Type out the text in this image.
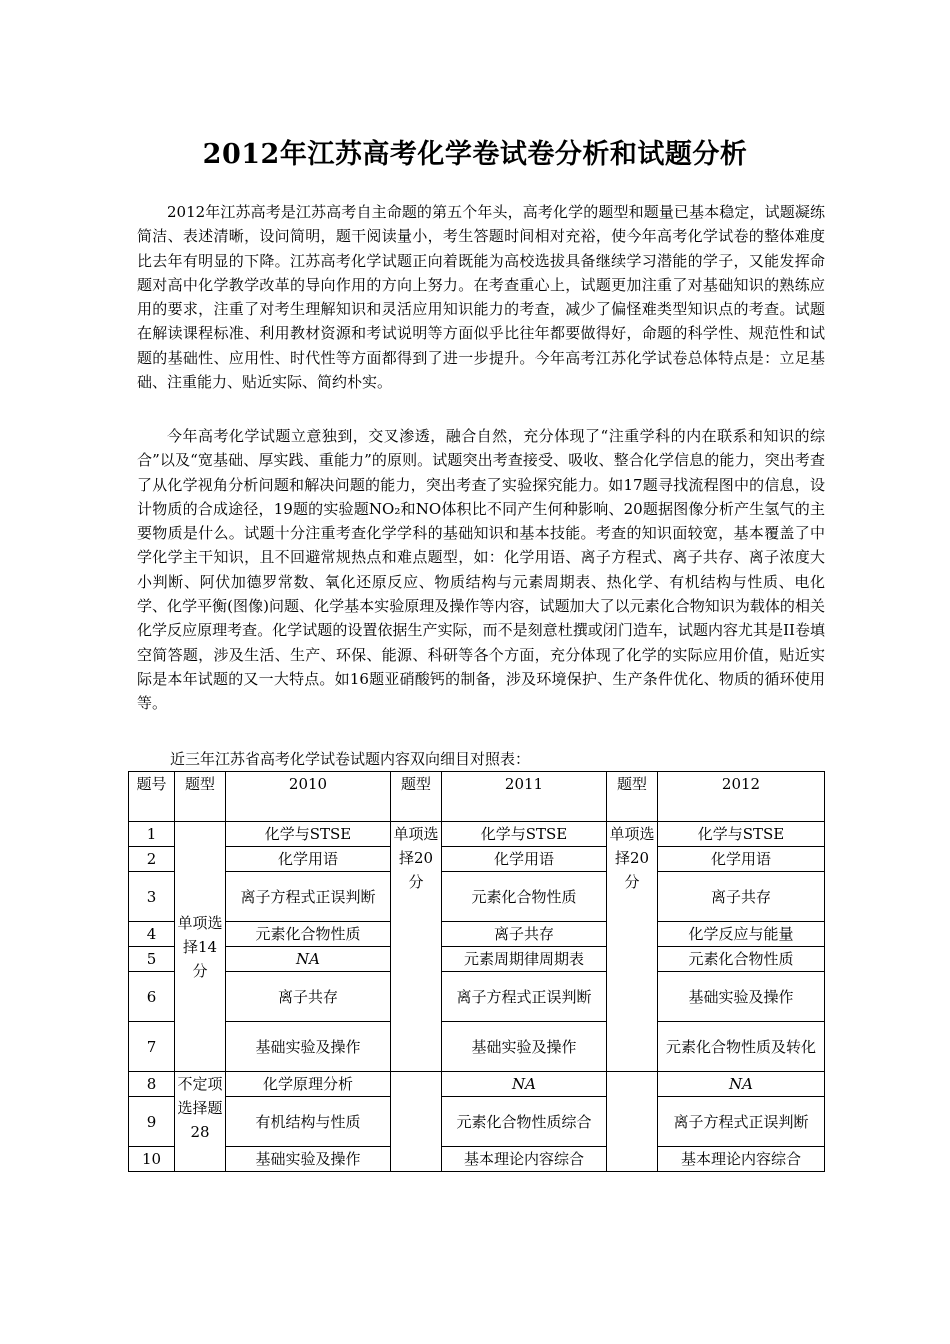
2012年江苏高考化学卷试卷分析和试题分析

2012年江苏高考是江苏高考自主命题的第五个年头，高考化学的题型和题量已基本稳定，试题凝练简洁、表述清晰，设问简明，题干阅读量小，考生答题时间相对充裕，使今年高考化学试卷的整体难度比去年有明显的下降。江苏高考化学试题正向着既能为高校选拔具备继续学习潜能的学子，又能发挥命题对高中化学教学改革的导向作用的方向上努力。在考查重心上，试题更加注重了对基础知识的熟练应用的要求，注重了对考生理解知识和灵活应用知识能力的考查，减少了偏怪难类型知识点的考查。试题在解读课程标准、利用教材资源和考试说明等方面似乎比往年都要做得好，命题的科学性、规范性和试题的基础性、应用性、时代性等方面都得到了进一步提升。今年高考江苏化学试卷总体特点是：立足基础、注重能力、贴近实际、简约朴实。

今年高考化学试题立意独到，交叉渗透，融合自然，充分体现了“注重学科的内在联系和知识的综合”以及“宽基础、厚实践、重能力”的原则。试题突出考查接受、吸收、整合化学信息的能力，突出考查了从化学视角分析问题和解决问题的能力，突出考查了实验探究能力。如17题寻找流程图中的信息，设计物质的合成途径，19题的实验题NO₂和NO体积比不同产生何种影响、20题据图像分析产生氢气的主要物质是什么。试题十分注重考查化学学科的基础知识和基本技能。考查的知识面较宽，基本覆盖了中学化学主干知识，且不回避常规热点和难点题型，如：化学用语、离子方程式、离子共存、离子浓度大小判断、阿伏加德罗常数、氧化还原反应、物质结构与元素周期表、热化学、有机结构与性质、电化学、化学平衡(图像)问题、化学基本实验原理及操作等内容，试题加大了以元素化合物知识为载体的相关化学反应原理考查。化学试题的设置依据生产实际，而不是刻意杜撰或闭门造车，试题内容尤其是II卷填空简答题，涉及生活、生产、环保、能源、科研等各个方面，充分体现了化学的实际应用价值，贴近实际是本年试题的又一大特点。如16题亚硝酸钙的制备，涉及环境保护、生产条件优化、物质的循环使用等。

近三年江苏省高考化学试卷试题内容双向细目对照表：
题号	题型	2010	题型	2011	题型	2012
1	单项选择14分	化学与STSE	单项选择20分	化学与STSE	单项选择20分	化学与STSE
2		化学用语		化学用语		化学用语
3		离子方程式正误判断		元素化合物性质		离子共存
4		元素化合物性质		离子共存		化学反应与能量
5		NA		元素周期律周期表		元素化合物性质
6		离子共存		离子方程式正误判断		基础实验及操作
7		基础实验及操作		基础实验及操作		元素化合物性质及转化
8	不定项选择题28	化学原理分析		NA		NA
9		有机结构与性质		元素化合物性质综合		离子方程式正误判断
10		基础实验及操作		基本理论内容综合		基本理论内容综合
